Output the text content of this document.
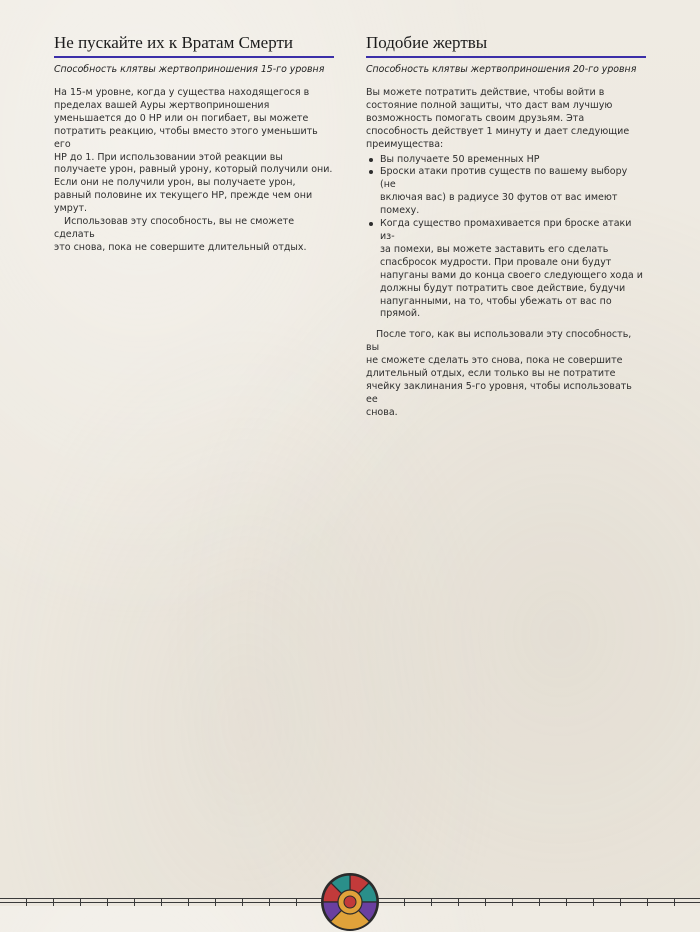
Не пускайте их к Вратам Смерти
Способность клятвы жертвоприношения 15-го уровня

На 15-м уровне, когда у существа находящегося в
пределах вашей Ауры жертвоприношения
уменьшается до 0 HP или он погибает, вы можете
потратить реакцию, чтобы вместо этого уменьшить его
HP до 1. При использовании этой реакции вы
получаете урон, равный урону, который получили они.
Если они не получили урон, вы получаете урон,
равный половине их текущего HP, прежде чем они
умрут.

Использовав эту способность, вы не сможете сделать
это снова, пока не совершите длительный отдых.

Подобие жертвы
Способность клятвы жертвоприношения 20-го уровня

Вы можете потратить действие, чтобы войти в
состояние полной защиты, что даст вам лучшую
возможность помогать своим друзьям. Эта
способность действует 1 минуту и дает следующие
преимущества:

Вы получаете 50 временных HP
Броски атаки против существ по вашему выбору (не
включая вас) в радиусе 30 футов от вас имеют
помеху.
Когда существо промахивается при броске атаки из-
за помехи, вы можете заставить его сделать
спасбросок мудрости. При провале они будут
напуганы вами до конца своего следующего хода и
должны будут потратить свое действие, будучи
напуганными, на то, чтобы убежать от вас по
прямой.

После того, как вы использовали эту способность, вы
не сможете сделать это снова, пока не совершите
длительный отдых, если только вы не потратите
ячейку заклинания 5-го уровня, чтобы использовать ее
снова.
